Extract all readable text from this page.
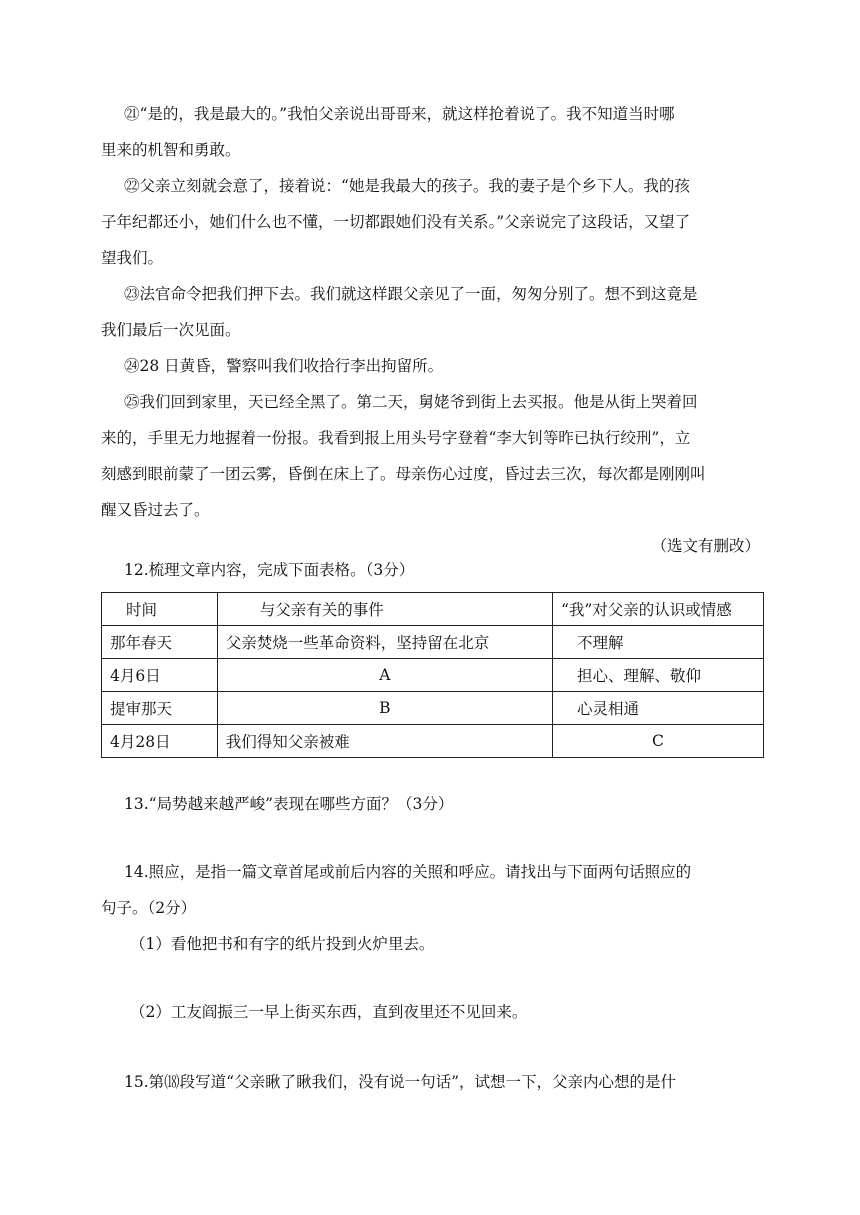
㉑“是的，我是最大的。”我怕父亲说出哥哥来，就这样抢着说了。我不知道当时哪
里来的机智和勇敢。
㉒父亲立刻就会意了，接着说：“她是我最大的孩子。我的妻子是个乡下人。我的孩
子年纪都还小，她们什么也不懂，一切都跟她们没有关系。”父亲说完了这段话，又望了
望我们。
㉓法官命令把我们押下去。我们就这样跟父亲见了一面，匆匆分别了。想不到这竟是
我们最后一次见面。
㉔28 日黄昏，警察叫我们收拾行李出拘留所。
㉕我们回到家里，天已经全黑了。第二天，舅姥爷到街上去买报。他是从街上哭着回
来的，手里无力地握着一份报。我看到报上用头号字登着“李大钊等昨已执行绞刑”，立
刻感到眼前蒙了一团云雾，昏倒在床上了。母亲伤心过度，昏过去三次，每次都是刚刚叫
醒又昏过去了。
（选文有删改）
12.梳理文章内容，完成下面表格。（3分）
时间	与父亲有关的事件	“我”对父亲的认识或情感
那年春天	父亲焚烧一些革命资料，坚持留在北京	不理解
4月6日	A	担心、理解、敬仰
提审那天	B	心灵相通
4月28日	我们得知父亲被难	C
13.“局势越来越严峻”表现在哪些方面？（3分）
14.照应，是指一篇文章首尾或前后内容的关照和呼应。请找出与下面两句话照应的
句子。（2分）
（1）看他把书和有字的纸片投到火炉里去。
（2）工友阎振三一早上街买东西，直到夜里还不见回来。
15.第⒅段写道“父亲瞅了瞅我们，没有说一句话”，试想一下，父亲内心想的是什
